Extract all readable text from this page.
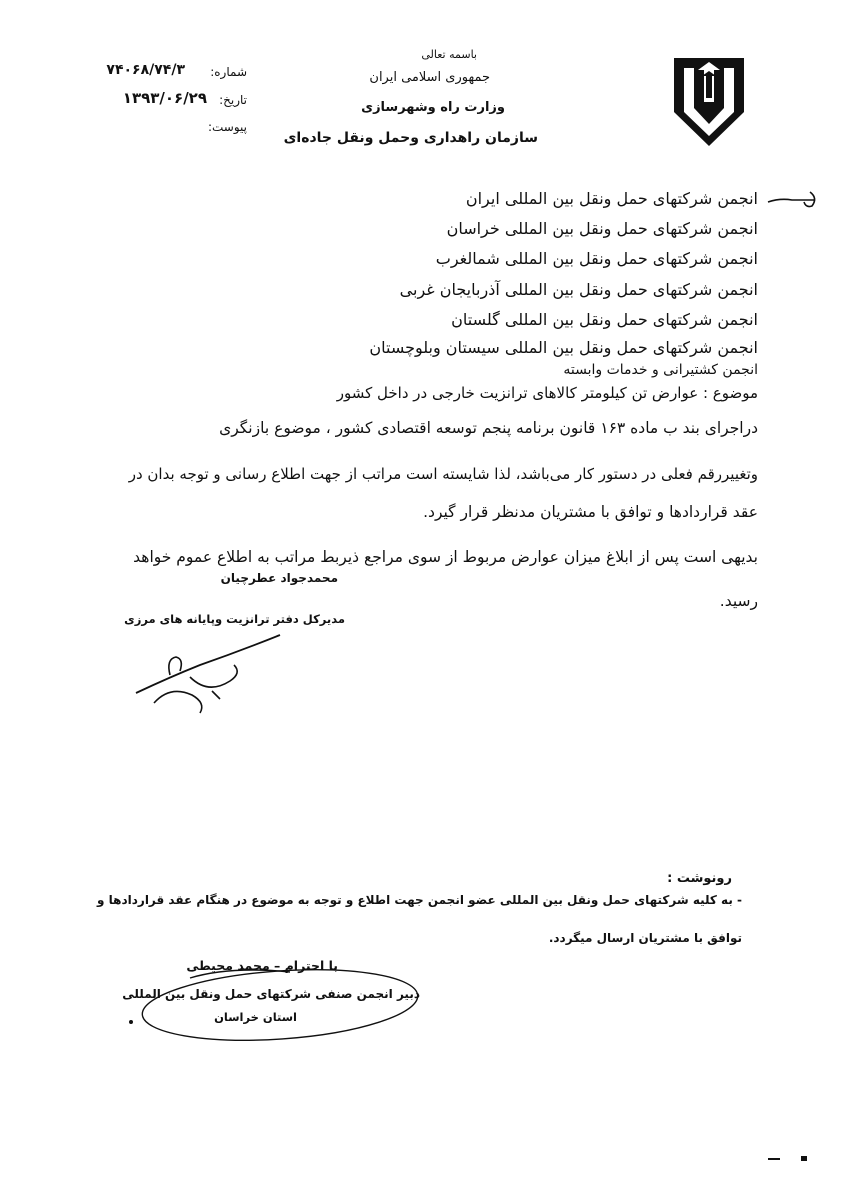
باسمه تعالی
جمهوری اسلامی ایران
وزارت راه وشهرسازی
سازمان راهداری وحمل ونقل جاده‌ای
شماره:
۷۴۰۶۸/۷۴/۳
تاریخ:
۱۳۹۳/۰۶/۲۹
پیوست:
انجمن شرکتهای حمل ونقل بین المللی ایران
انجمن شرکتهای حمل ونقل بین المللی خراسان
انجمن شرکتهای حمل ونقل بین المللی شمالغرب
انجمن شرکتهای حمل ونقل بین المللی آذربایجان غربی
انجمن شرکتهای حمل ونقل بین المللی گلستان
انجمن شرکتهای حمل ونقل بین المللی سیستان وبلوچستان
انجمن کشتیرانی و خدمات وابسته
موضوع : عوارض تن کیلومتر کالاهای ترانزیت خارجی در داخل کشور
دراجرای بند ب ماده ۱۶۳ قانون برنامه پنجم توسعه اقتصادی کشور ، موضوع بازنگری
وتغییررقم فعلی در دستور کار می‌باشد، لذا شایسته است مراتب از جهت اطلاع رسانی و توجه بدان در
عقد قراردادها و توافق با مشتریان مدنظر قرار گیرد.
بدیهی است پس از ابلاغ میزان عوارض مربوط از سوی مراجع ذیربط مراتب به اطلاع عموم خواهد
رسید.
محمدجواد عطرچیان
مدیرکل دفتر ترانزیت وپایانه های مرزی
رونوشت :
- به کلیه شرکتهای حمل ونقل بین المللی عضو انجمن جهت اطلاع و توجه به موضوع در هنگام عقد قراردادها و
توافق با مشتریان ارسال میگردد.
با احترام – محمد محیطی
دبیر انجمن صنفی شرکتهای حمل ونقل بین المللی
استان خراسان
